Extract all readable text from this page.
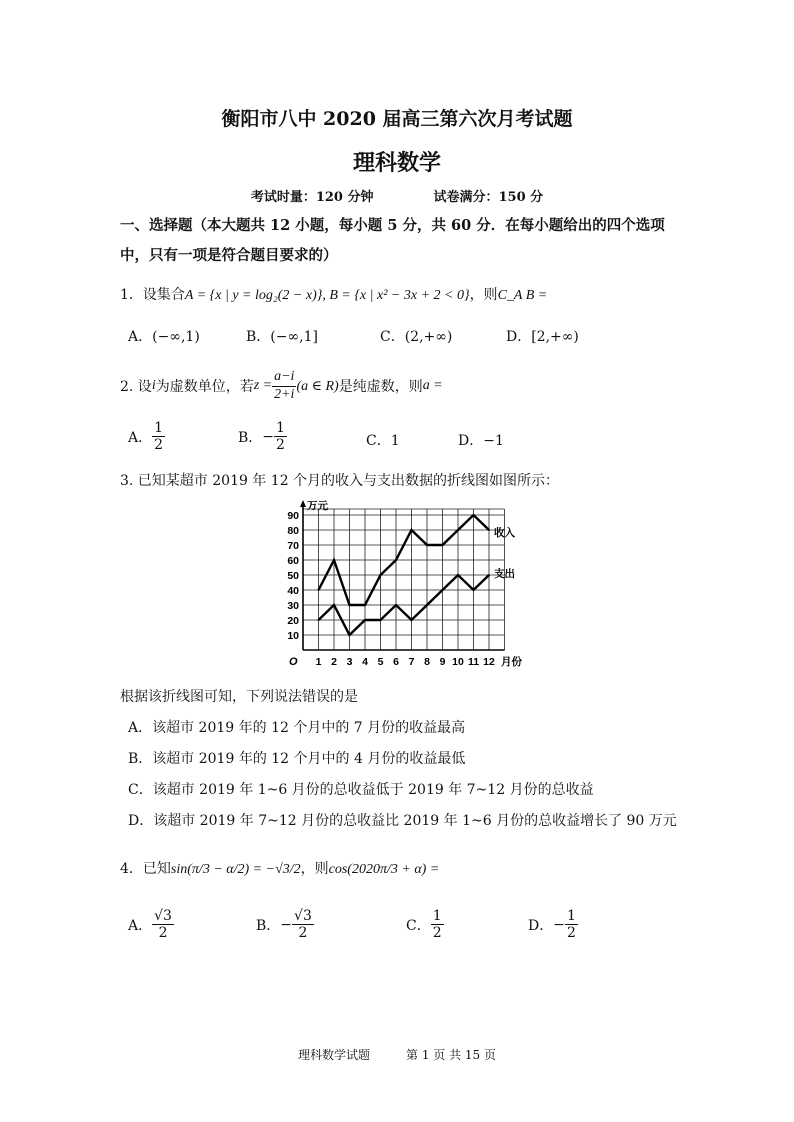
衡阳市八中 2020 届高三第六次月考试题
理科数学
考试时量：120 分钟	试卷满分：150 分
一、选择题（本大题共 12 小题，每小题 5 分，共 60 分．在每小题给出的四个选项中，只有一项是符合题目要求的）
1．设集合A = {x | y = log₂(2 − x)}, B = {x | x² − 3x + 2 < 0}，则C_A B =
A．(−∞,1)	B．(−∞,1]	C．(2,+∞)	D．[2,+∞)
2. 设 i 为虚数单位，若 $z = \frac{a-i}{2+i} (a$ ∈ R) 是纯虚数，则 a =
A． $\frac{1}{2}$	B． − $\frac{1}{2}$	C．1	D．−1
3. 已知某超市 2019 年 12 个月的收入与支出数据的折线图如图所示：
10
20
30
40
50
60
70
80
90
1 2 3 4 5 6 7 8 9 10 11 12
O
万元
月份
收入
支出
根据该折线图可知，下列说法错误的是
A．该超市 2019 年的 12 个月中的 7 月份的收益最高
B．该超市 2019 年的 12 个月中的 4 月份的收益最低
C．该超市 2019 年 1~6 月份的总收益低于 2019 年 7~12 月份的总收益
D．该超市 2019 年 7~12 月份的总收益比 2019 年 1~6 月份的总收益增长了 90 万元
4．已知sin(π/3 − α/2) = −√3/2，则cos(2020π/3 + α) =
A． $\frac{√3}{2}$	B． − $\frac{√3}{2}$	C． $\frac{1}{2}$	D． − $\frac{1}{2}$
理科数学试题	第 1 页 共 15 页
